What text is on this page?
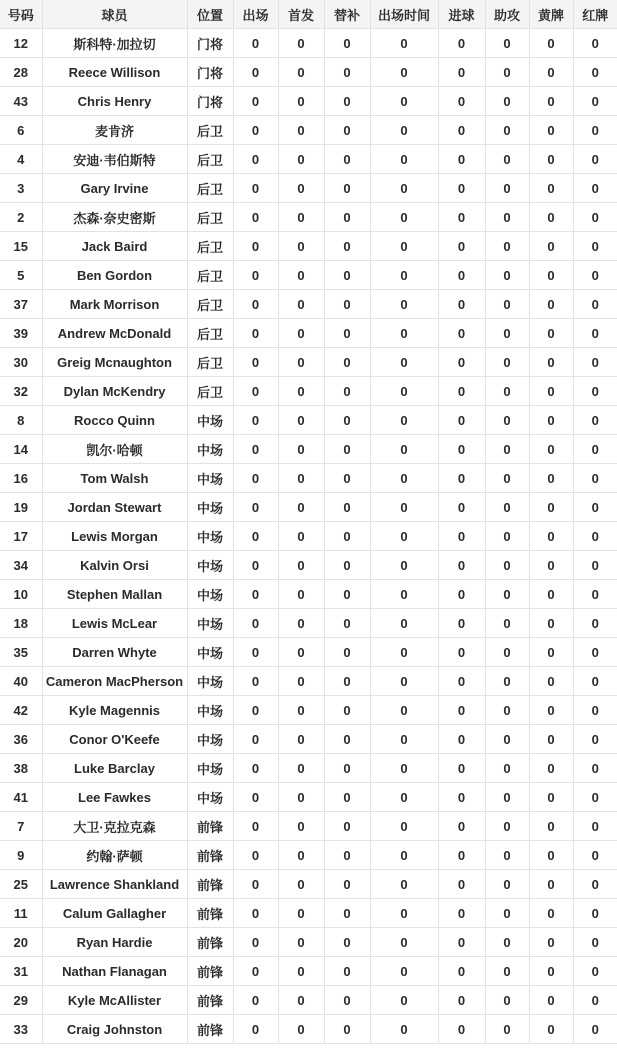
号码	球员	位置	出场	首发	替补	出场时间	进球	助攻	黄牌	红牌
12	斯科特·加拉切	门将	0	0	0	0	0	0	0	0
28	Reece Willison	门将	0	0	0	0	0	0	0	0
43	Chris Henry	门将	0	0	0	0	0	0	0	0
6	麦肯济	后卫	0	0	0	0	0	0	0	0
4	安迪·韦伯斯特	后卫	0	0	0	0	0	0	0	0
3	Gary Irvine	后卫	0	0	0	0	0	0	0	0
2	杰森·奈史密斯	后卫	0	0	0	0	0	0	0	0
15	Jack Baird	后卫	0	0	0	0	0	0	0	0
5	Ben Gordon	后卫	0	0	0	0	0	0	0	0
37	Mark Morrison	后卫	0	0	0	0	0	0	0	0
39	Andrew McDonald	后卫	0	0	0	0	0	0	0	0
30	Greig Mcnaughton	后卫	0	0	0	0	0	0	0	0
32	Dylan McKendry	后卫	0	0	0	0	0	0	0	0
8	Rocco Quinn	中场	0	0	0	0	0	0	0	0
14	凯尔·哈顿	中场	0	0	0	0	0	0	0	0
16	Tom Walsh	中场	0	0	0	0	0	0	0	0
19	Jordan Stewart	中场	0	0	0	0	0	0	0	0
17	Lewis Morgan	中场	0	0	0	0	0	0	0	0
34	Kalvin Orsi	中场	0	0	0	0	0	0	0	0
10	Stephen Mallan	中场	0	0	0	0	0	0	0	0
18	Lewis McLear	中场	0	0	0	0	0	0	0	0
35	Darren Whyte	中场	0	0	0	0	0	0	0	0
40	Cameron MacPherson	中场	0	0	0	0	0	0	0	0
42	Kyle Magennis	中场	0	0	0	0	0	0	0	0
36	Conor O'Keefe	中场	0	0	0	0	0	0	0	0
38	Luke Barclay	中场	0	0	0	0	0	0	0	0
41	Lee Fawkes	中场	0	0	0	0	0	0	0	0
7	大卫·克拉克森	前锋	0	0	0	0	0	0	0	0
9	约翰·萨顿	前锋	0	0	0	0	0	0	0	0
25	Lawrence Shankland	前锋	0	0	0	0	0	0	0	0
11	Calum Gallagher	前锋	0	0	0	0	0	0	0	0
20	Ryan Hardie	前锋	0	0	0	0	0	0	0	0
31	Nathan Flanagan	前锋	0	0	0	0	0	0	0	0
29	Kyle McAllister	前锋	0	0	0	0	0	0	0	0
33	Craig Johnston	前锋	0	0	0	0	0	0	0	0
